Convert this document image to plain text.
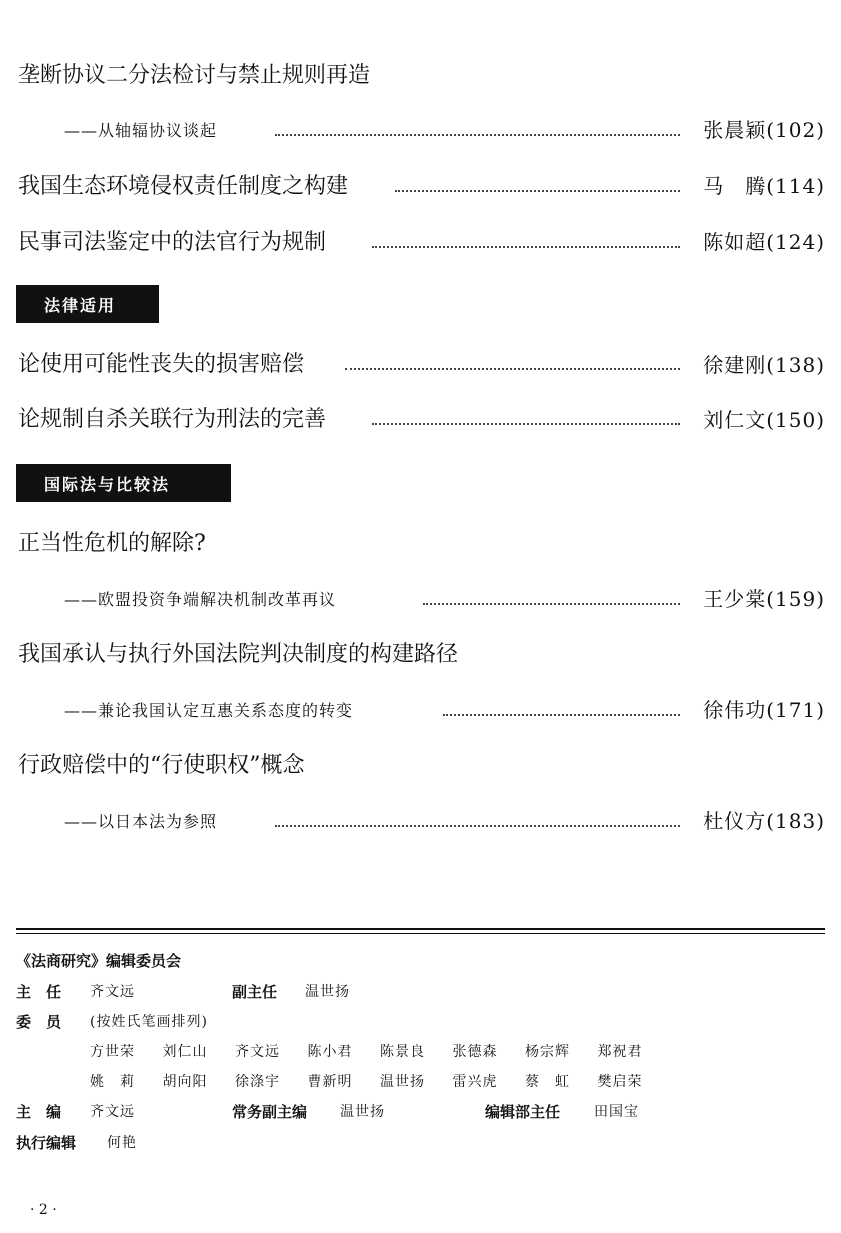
垄断协议二分法检讨与禁止规则再造
——从轴辐协议谈起	张晨颖(102)
我国生态环境侵权责任制度之构建	马　腾(114)
民事司法鉴定中的法官行为规制	陈如超(124)
法律适用
论使用可能性丧失的损害赔偿	徐建刚(138)
论规制自杀关联行为刑法的完善	刘仁文(150)
国际法与比较法
正当性危机的解除?
——欧盟投资争端解决机制改革再议	王少棠(159)
我国承认与执行外国法院判决制度的构建路径
——兼论我国认定互惠关系态度的转变	徐伟功(171)
行政赔偿中的“行使职权”概念
——以日本法为参照	杜仪方(183)
《法商研究》编辑委员会
主　任 齐文远	副主任 温世扬
委　员 (按姓氏笔画排列)
方世荣	刘仁山	齐文远	陈小君	陈景良	张德森	杨宗辉	郑祝君
姚　莉	胡向阳	徐涤宇	曹新明	温世扬	雷兴虎	蔡　虹	樊启荣
主　编 齐文远	常务副主编 温世扬	编辑部主任 田国宝
执行编辑 何艳
· 2 ·
